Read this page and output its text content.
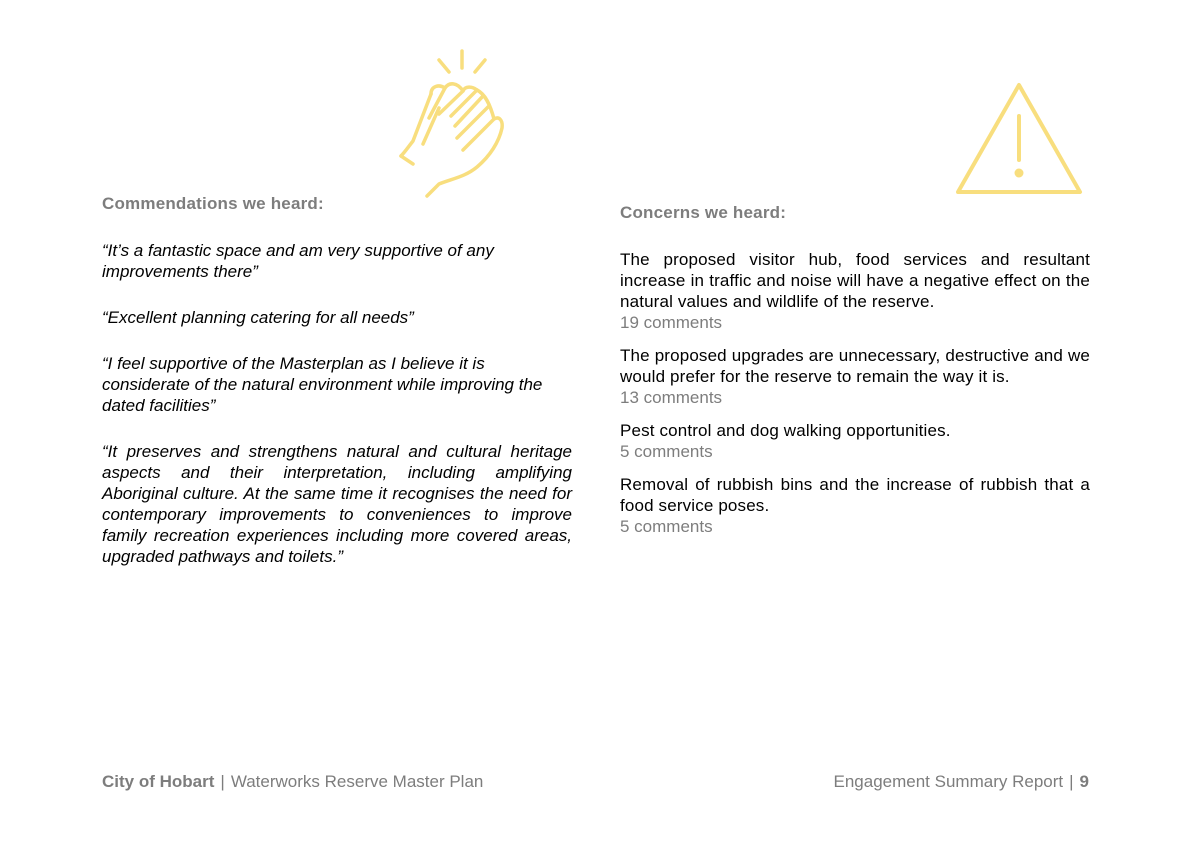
Commendations we heard:

“It’s a fantastic space and am very supportive of any improvements there”

“Excellent planning catering for all needs”

“I feel supportive of the Masterplan as I believe it is considerate of the natural environment while improving the dated facilities”

“It preserves and strengthens natural and cultural heritage aspects and their interpretation, including amplifying Aboriginal culture. At the same time it recognises the need for contemporary improvements to conveniences to improve family recreation experiences including more covered areas, upgraded pathways and toilets.”

Concerns we heard:
The proposed visitor hub, food services and resultant increase in traffic and noise will have a negative effect on the natural values and wildlife of the reserve.
19 comments
The proposed upgrades are unnecessary, destructive and we would prefer for the reserve to remain the way it is.
13 comments
Pest control and dog walking opportunities.
5 comments
Removal of rubbish bins and the increase of rubbish that a food service poses.
5 comments
City of Hobart | Waterworks Reserve Master Plan	Engagement Summary Report | 9
